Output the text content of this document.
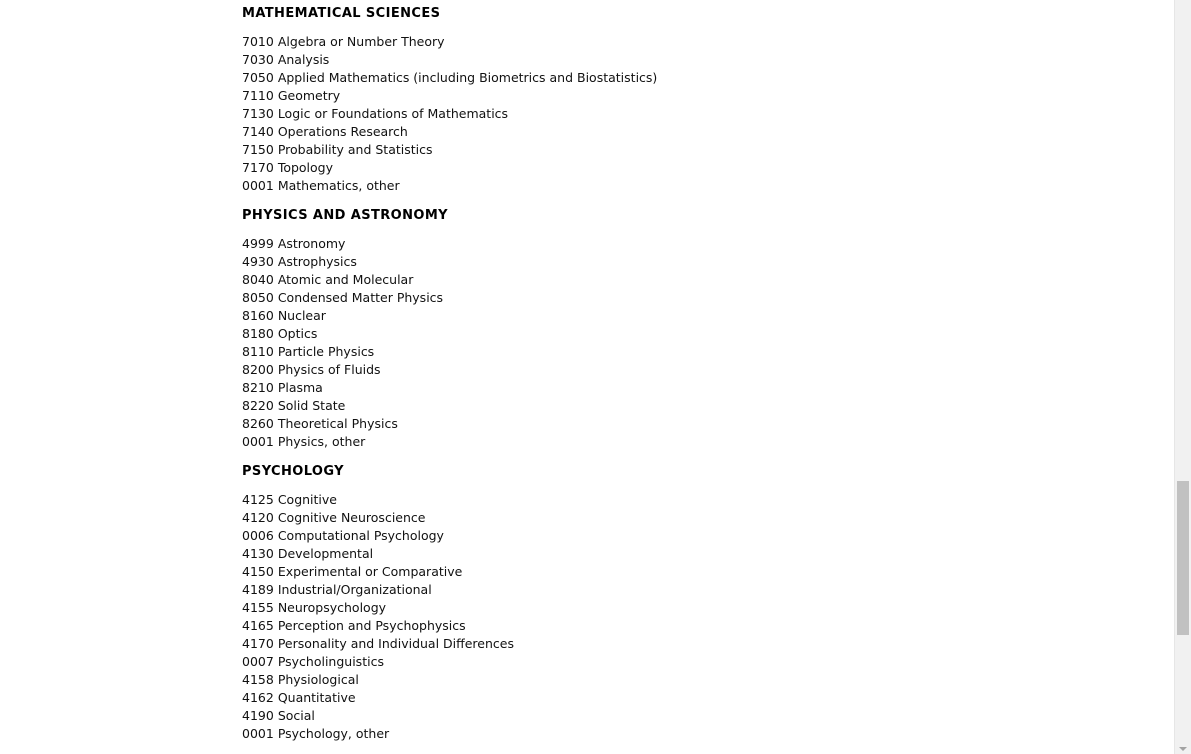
MATHEMATICAL SCIENCES
7010 Algebra or Number Theory
7030 Analysis
7050 Applied Mathematics (including Biometrics and Biostatistics)
7110 Geometry
7130 Logic or Foundations of Mathematics
7140 Operations Research
7150 Probability and Statistics
7170 Topology
0001 Mathematics, other
PHYSICS AND ASTRONOMY
4999 Astronomy
4930 Astrophysics
8040 Atomic and Molecular
8050 Condensed Matter Physics
8160 Nuclear
8180 Optics
8110 Particle Physics
8200 Physics of Fluids
8210 Plasma
8220 Solid State
8260 Theoretical Physics
0001 Physics, other
PSYCHOLOGY
4125 Cognitive
4120 Cognitive Neuroscience
0006 Computational Psychology
4130 Developmental
4150 Experimental or Comparative
4189 Industrial/Organizational
4155 Neuropsychology
4165 Perception and Psychophysics
4170 Personality and Individual Differences
0007 Psycholinguistics
4158 Physiological
4162 Quantitative
4190 Social
0001 Psychology, other
